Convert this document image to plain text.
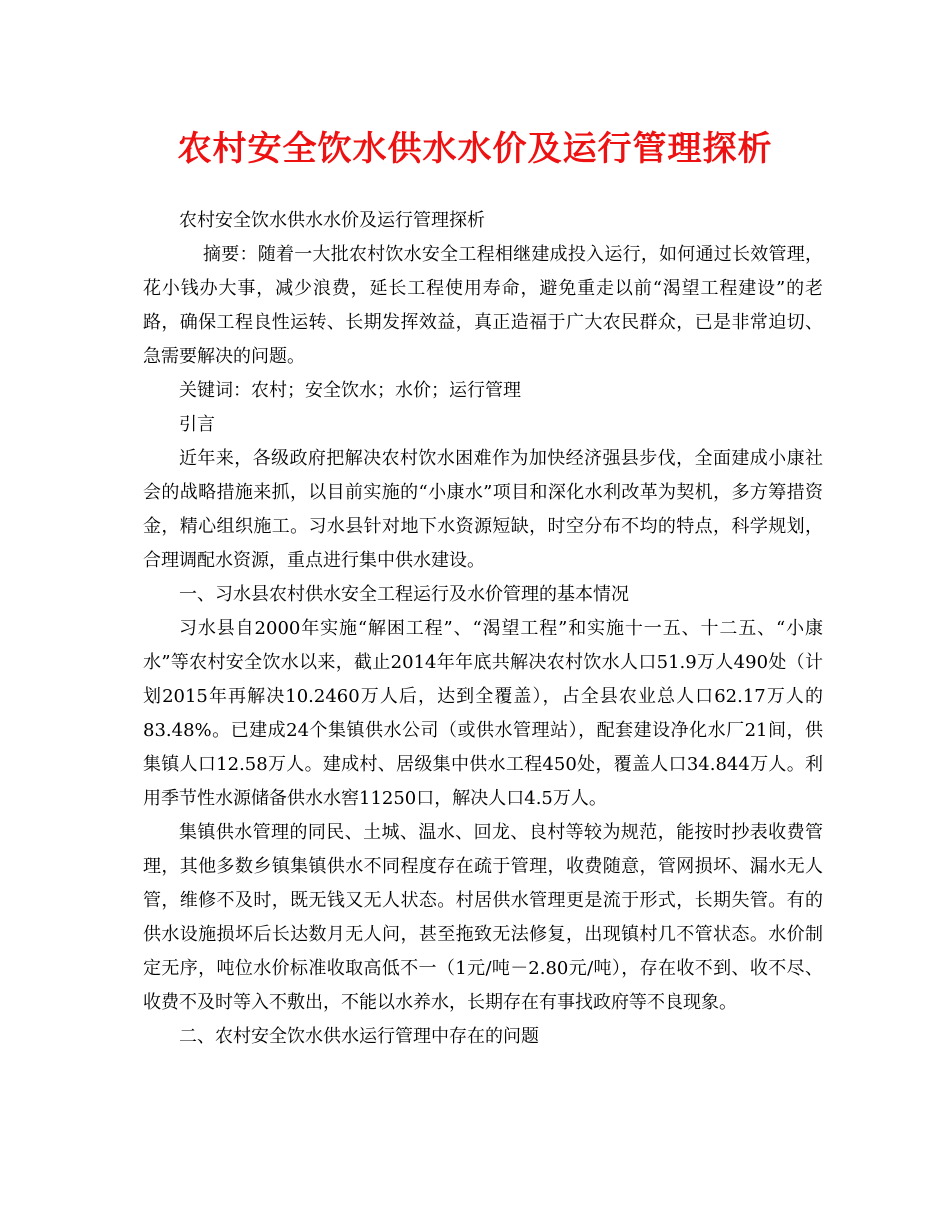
农村安全饮水供水水价及运行管理探析

农村安全饮水供水水价及运行管理探析

摘要：随着一大批农村饮水安全工程相继建成投入运行，如何通过长效管理，花小钱办大事，减少浪费，延长工程使用寿命，避免重走以前“渴望工程建设”的老路，确保工程良性运转、长期发挥效益，真正造福于广大农民群众，已是非常迫切、急需要解决的问题。

关键词：农村；安全饮水；水价；运行管理

引言

近年来，各级政府把解决农村饮水困难作为加快经济强县步伐，全面建成小康社会的战略措施来抓，以目前实施的“小康水”项目和深化水利改革为契机，多方筹措资金，精心组织施工。习水县针对地下水资源短缺，时空分布不均的特点，科学规划，合理调配水资源，重点进行集中供水建设。

一、习水县农村供水安全工程运行及水价管理的基本情况

习水县自2000年实施“解困工程”、“渴望工程”和实施十一五、十二五、“小康水”等农村安全饮水以来，截止2014年年底共解决农村饮水人口51.9万人490处（计划2015年再解决10.2460万人后，达到全覆盖），占全县农业总人口62.17万人的83.48%。已建成24个集镇供水公司（或供水管理站），配套建设净化水厂21间，供集镇人口12.58万人。建成村、居级集中供水工程450处，覆盖人口34.844万人。利用季节性水源储备供水水窖11250口，解决人口4.5万人。

集镇供水管理的同民、土城、温水、回龙、良村等较为规范，能按时抄表收费管理，其他多数乡镇集镇供水不同程度存在疏于管理，收费随意，管网损坏、漏水无人管，维修不及时，既无钱又无人状态。村居供水管理更是流于形式，长期失管。有的供水设施损坏后长达数月无人问，甚至拖致无法修复，出现镇村几不管状态。水价制定无序，吨位水价标准收取高低不一（1元/吨－2.80元/吨），存在收不到、收不尽、收费不及时等入不敷出，不能以水养水，长期存在有事找政府等不良现象。

二、农村安全饮水供水运行管理中存在的问题
